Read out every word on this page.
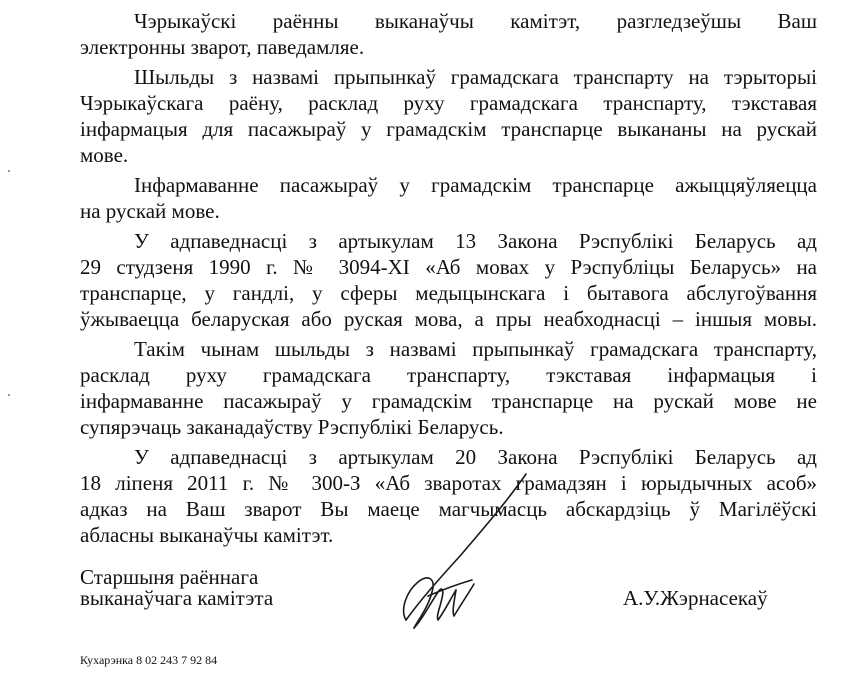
Чэрыкаўскі раённы выканаўчы камітэт, разгледзеўшы Ваш

электронны зварот, паведамляе.

Шыльды з назвамі прыпынкаў грамадскага транспарту на тэрыторыі

Чэрыкаўскага раёну, расклад руху грамадскага транспарту, тэкставая

інфармацыя для пасажыраў у грамадскім транспарце выкананы на рускай

мове.

Інфармаванне пасажыраў у грамадскім транспарце ажыццяўляецца

на рускай мове.

У адпаведнасці з артыкулам 13 Закона Рэспублікі Беларусь ад

29 студзеня 1990 г. № 3094-XI «Аб мовах у Рэспубліцы Беларусь» на

транспарце, у гандлі, у сферы медыцынскага і бытавога абслугоўвання

ўжываецца беларуская або руская мова, а пры неабходнасці – іншыя мовы.

Такім чынам шыльды з назвамі прыпынкаў грамадскага транспарту,

расклад руху грамадскага транспарту, тэкставая інфармацыя і

інфармаванне пасажыраў у грамадскім транспарце на рускай мове не

супярэчаць заканадаўству Рэспублікі Беларусь.

У адпаведнасці з артыкулам 20 Закона Рэспублікі Беларусь ад

18 ліпеня 2011 г. № 300-З «Аб зваротах грамадзян і юрыдычных асоб»

адказ на Ваш зварот Вы маеце магчымасць абскардзіць ў Магілёўскі

абласны выканаўчы камітэт.

Старшыня раённага

выканаўчага камітэта	А.У.Жэрнасекаў

Кухарэнка 8 02 243 7 92 84
